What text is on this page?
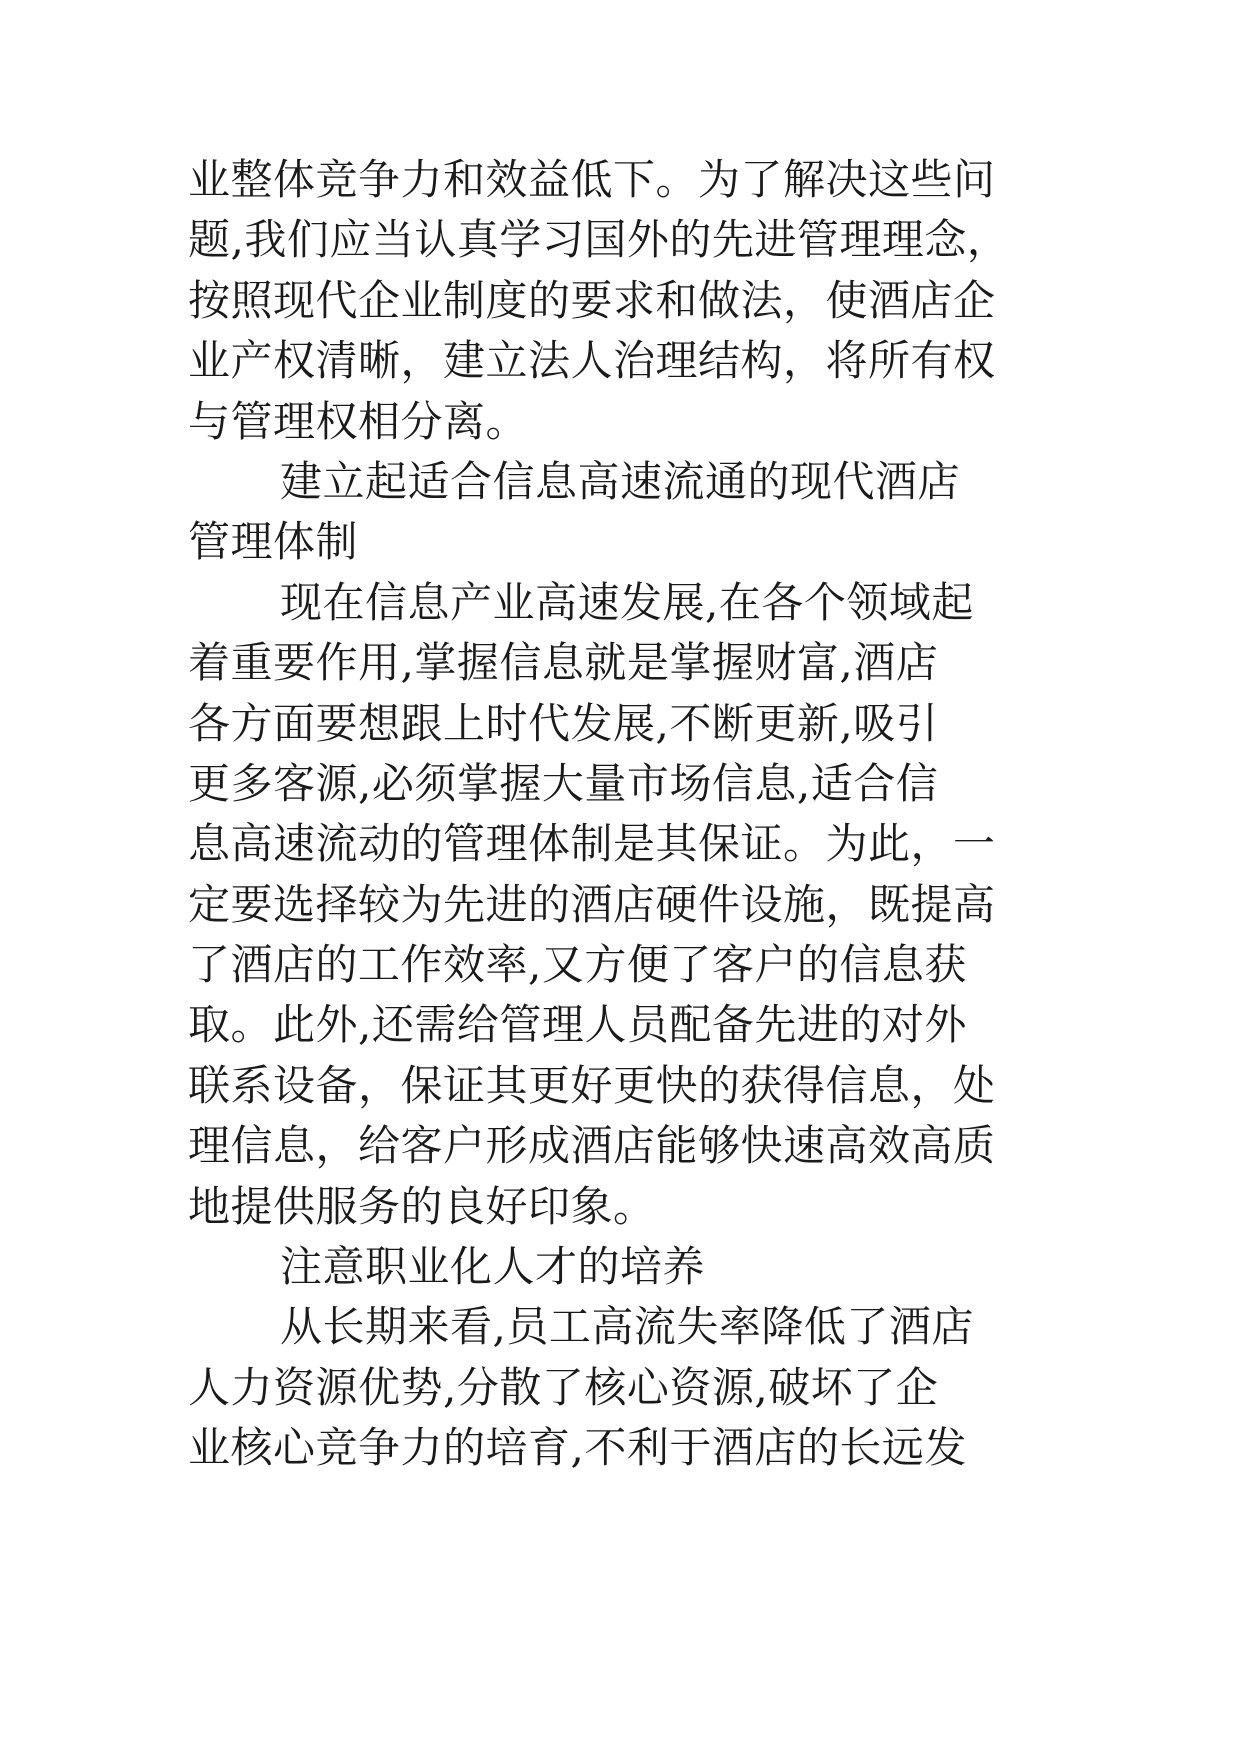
业整体竞争力和效益低下。为了解决这些问
题,我们应当认真学习国外的先进管理理念，
按照现代企业制度的要求和做法，使酒店企
业产权清晰，建立法人治理结构，将所有权
与管理权相分离。
建立起适合信息高速流通的现代酒店
管理体制
现在信息产业高速发展,在各个领域起
着重要作用,掌握信息就是掌握财富,酒店
各方面要想跟上时代发展,不断更新,吸引
更多客源,必须掌握大量市场信息,适合信
息高速流动的管理体制是其保证。为此，一
定要选择较为先进的酒店硬件设施，既提高
了酒店的工作效率,又方便了客户的信息获
取。此外,还需给管理人员配备先进的对外
联系设备，保证其更好更快的获得信息，处
理信息，给客户形成酒店能够快速高效高质
地提供服务的良好印象。
注意职业化人才的培养
从长期来看,员工高流失率降低了酒店
人力资源优势,分散了核心资源,破坏了企
业核心竞争力的培育,不利于酒店的长远发
